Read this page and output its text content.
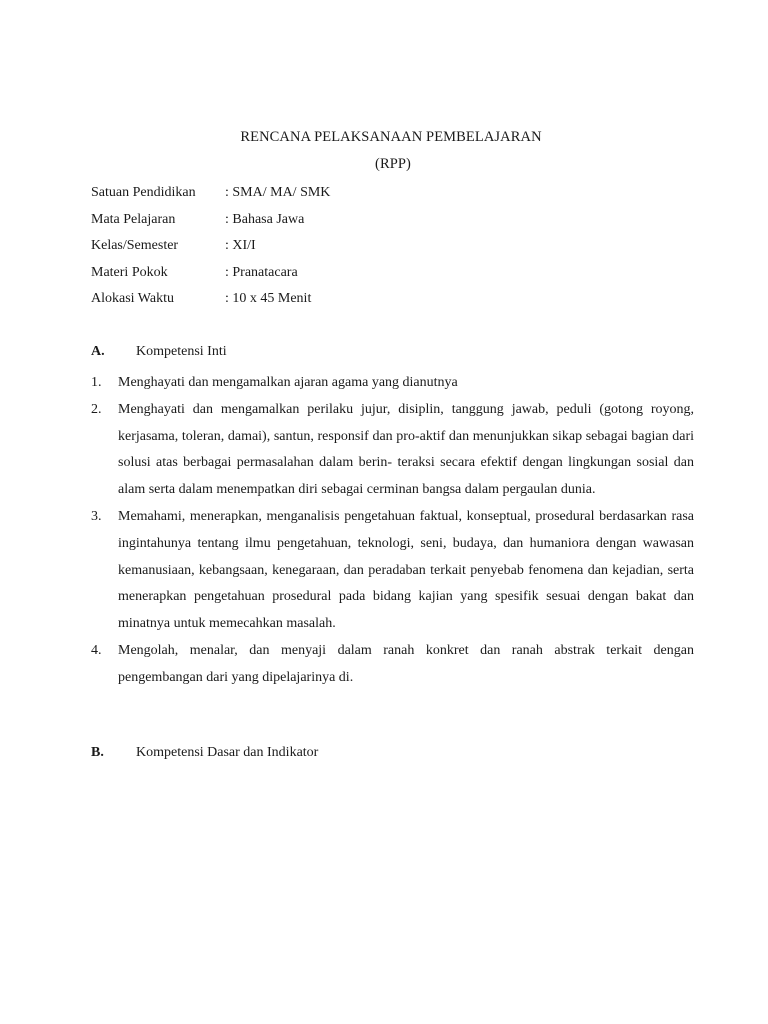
RENCANA PELAKSANAAN PEMBELAJARAN
(RPP)
Satuan Pendidikan : SMA/ MA/ SMK
Mata Pelajaran	: Bahasa Jawa
Kelas/Semester	: XI/I
Materi Pokok	: Pranatacara
Alokasi Waktu	: 10 x 45 Menit
A. Kompetensi Inti
1. Menghayati dan mengamalkan ajaran agama yang dianutnya
2. Menghayati dan mengamalkan perilaku jujur, disiplin, tanggung jawab, peduli (gotong royong, kerjasama, toleran, damai), santun, responsif dan pro-aktif dan menunjukkan sikap sebagai bagian dari solusi atas berbagai permasalahan dalam berin- teraksi secara efektif dengan lingkungan sosial dan alam serta dalam menempatkan diri sebagai cerminan bangsa dalam pergaulan dunia.
3. Memahami, menerapkan, menganalisis pengetahuan faktual, konseptual, prosedural berdasarkan rasa ingintahunya tentang ilmu pengetahuan, teknologi, seni, budaya, dan humaniora dengan wawasan kemanusiaan, kebangsaan, kenegaraan, dan peradaban terkait penyebab fenomena dan kejadian, serta menerapkan pengetahuan prosedural pada bidang kajian yang spesifik sesuai dengan bakat dan minatnya untuk memecahkan masalah.
4. Mengolah, menalar, dan menyaji dalam ranah konkret dan ranah abstrak terkait dengan pengembangan dari yang dipelajarinya di.
B. Kompetensi Dasar dan Indikator
